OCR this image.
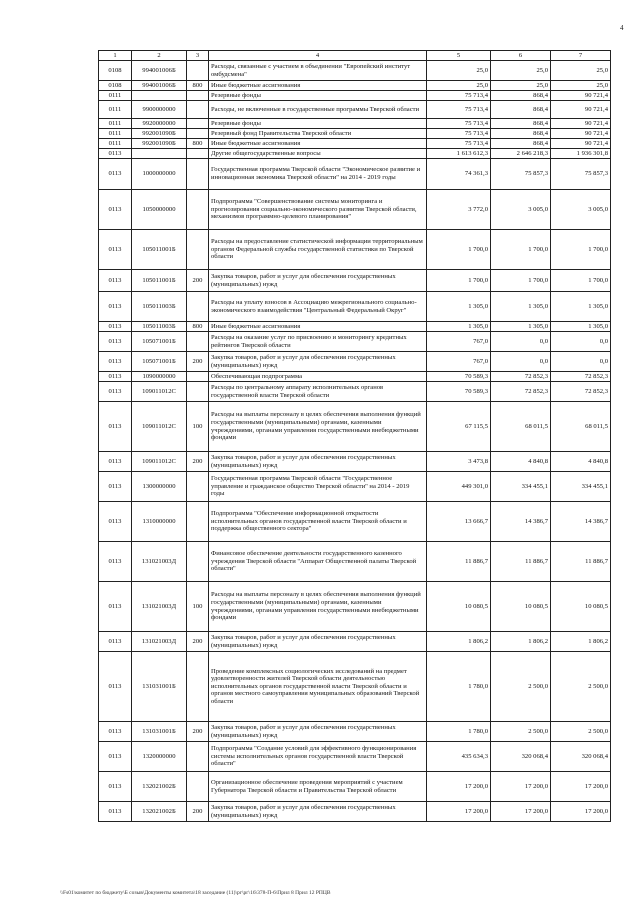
4
1	2	3	4	5	6	7
0108	994001006Б		Расходы, связанные с участием в объединении "Европейский институт омбудсмена"	25,0	25,0	25,0
0108	994001006Б	800	Иные бюджетные ассигнования	25,0	25,0	25,0
0111			Резервные фонды	75 713,4	868,4	90 721,4
0111	9900000000		Расходы, не включенные в государственные программы Тверской области	75 713,4	868,4	90 721,4
0111	9920000000		Резервные фонды	75 713,4	868,4	90 721,4
0111	992001090Б		Резервный фонд Правительства Тверской области	75 713,4	868,4	90 721,4
0111	992001090Б	800	Иные бюджетные ассигнования	75 713,4	868,4	90 721,4
0113			Другие общегосударственные вопросы	1 613 612,3	2 646 218,3	1 936 301,8
0113	1000000000		Государственная программа Тверской области "Экономическое развитие и инновационная экономика Тверской области" на 2014 - 2019 годы	74 361,3	75 857,3	75 857,3
0113	1050000000		Подпрограмма "Совершенствование системы мониторинга и прогнозирования социально-экономического развития Тверской области, механизмов программно-целевого планирования"	3 772,0	3 005,0	3 005,0
0113	105011001Б		Расходы на предоставление статистической информации территориальным органом Федеральной службы государственной статистики по Тверской области	1 700,0	1 700,0	1 700,0
0113	105011001Б	200	Закупка товаров, работ и услуг для обеспечения государственных (муниципальных) нужд	1 700,0	1 700,0	1 700,0
0113	105011003Б		Расходы на уплату взносов в Ассоциацию межрегионального социально-экономического взаимодействия "Центральный Федеральный Округ"	1 305,0	1 305,0	1 305,0
0113	105011003Б	800	Иные бюджетные ассигнования	1 305,0	1 305,0	1 305,0
0113	105071001Б		Расходы на оказание услуг по присвоению и мониторингу кредитных рейтингов Тверской области	767,0	0,0	0,0
0113	105071001Б	200	Закупка товаров, работ и услуг для обеспечения государственных (муниципальных) нужд	767,0	0,0	0,0
0113	1090000000		Обеспечивающая подпрограмма	70 589,3	72 852,3	72 852,3
0113	109011012С		Расходы по центральному аппарату исполнительных органов государственной власти Тверской области	70 589,3	72 852,3	72 852,3
0113	109011012С	100	Расходы на выплаты персоналу в целях обеспечения выполнения функций государственными (муниципальными) органами, казенными учреждениями, органами управления государственными внебюджетными фондами	67 115,5	68 011,5	68 011,5
0113	109011012С	200	Закупка товаров, работ и услуг для обеспечения государственных (муниципальных) нужд	3 473,8	4 840,8	4 840,8
0113	1300000000		Государственная программа Тверской области "Государственное управление и гражданское общество Тверской области" на 2014 - 2019 годы	449 301,0	334 455,1	334 455,1
0113	1310000000		Подпрограмма "Обеспечение информационной открытости исполнительных органов государственной власти Тверской области и поддержка общественного сектора"	13 666,7	14 386,7	14 386,7
0113	131021003Д		Финансовое обеспечение деятельности государственного казенного учреждения Тверской области "Аппарат Общественной палаты Тверской области"	11 886,7	11 886,7	11 886,7
0113	131021003Д	100	Расходы на выплаты персоналу в целях обеспечения выполнения функций государственными (муниципальными) органами, казенными учреждениями, органами управления государственными внебюджетными фондами	10 080,5	10 080,5	10 080,5
0113	131021003Д	200	Закупка товаров, работ и услуг для обеспечения государственных (муниципальных) нужд	1 806,2	1 806,2	1 806,2
0113	131031001Б		Проведение комплексных социологических исследований на предмет удовлетворенности жителей Тверской области деятельностью исполнительных органов государственной власти Тверской области и органов местного самоуправления муниципальных образований Тверской области	1 780,0	2 500,0	2 500,0
0113	131031001Б	200	Закупка товаров, работ и услуг для обеспечения государственных (муниципальных) нужд	1 780,0	2 500,0	2 500,0
0113	1320000000		Подпрограмма "Создание условий для эффективного функционирования системы исполнительных органов государственной власти Тверской области"	435 634,3	320 068,4	320 068,4
0113	132021002Б		Организационное обеспечение проведения мероприятий с участием Губернатора Тверской области и Правительства Тверской области	17 200,0	17 200,0	17 200,0
0113	132021002Б	200	Закупка товаров, работ и услуг для обеспечения государственных (муниципальных) нужд	17 200,0	17 200,0	17 200,0
\\Fs01\комитет по бюджету\Б созыв\Документы комитета\18 заседание (11)\рг\рг\16\378-П-6\Прил 8 Прил 12 РПЦВ
